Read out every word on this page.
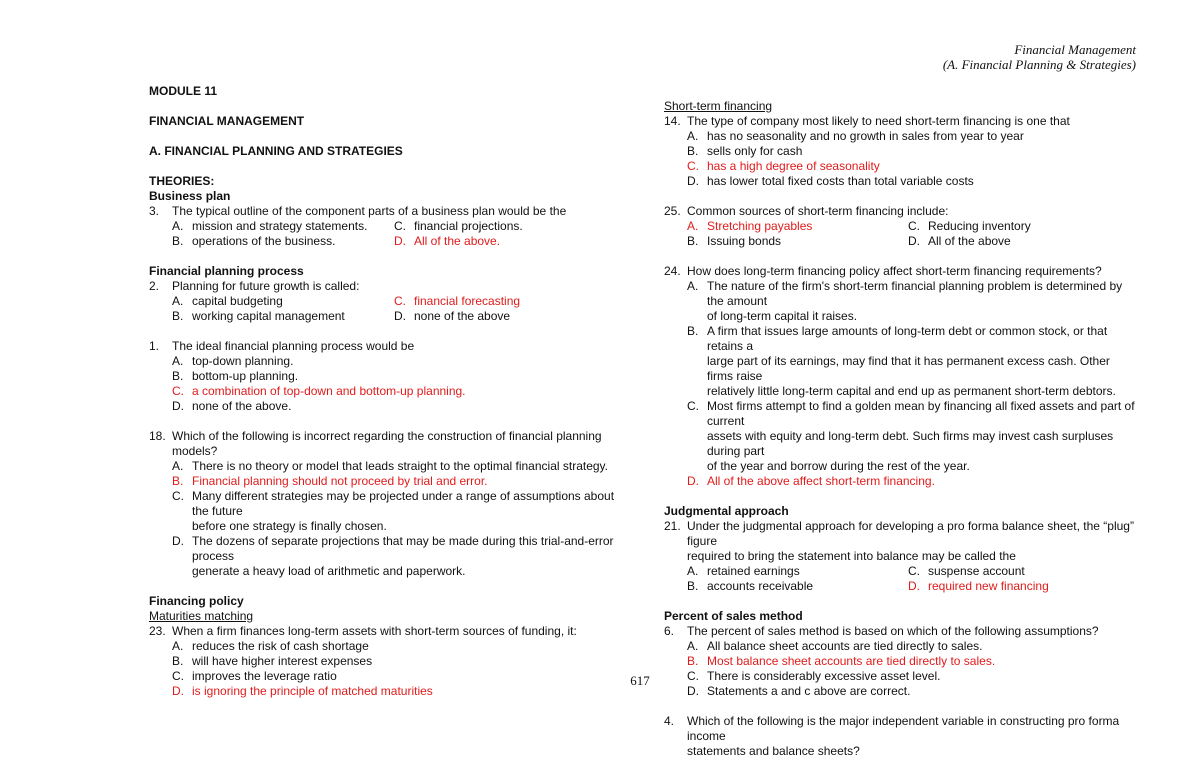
Financial Management
(A. Financial Planning & Strategies)
MODULE 11
FINANCIAL MANAGEMENT
A. FINANCIAL PLANNING AND STRATEGIES
THEORIES:
Business plan
3.	The typical outline of the component parts of a business plan would be the
A. mission and strategy statements. C. financial projections.
B. operations of the business.	D. All of the above.
Financial planning process
2.	Planning for future growth is called:
A. capital budgeting	C. financial forecasting
B. working capital management	D. none of the above
1.	The ideal financial planning process would be
A. top-down planning.
B. bottom-up planning.
C. a combination of top-down and bottom-up planning.
D. none of the above.
18. Which of the following is incorrect regarding the construction of financial planning models?
A. There is no theory or model that leads straight to the optimal financial strategy.
B. Financial planning should not proceed by trial and error.
C. Many different strategies may be projected under a range of assumptions about the future
before one strategy is finally chosen.
D. The dozens of separate projections that may be made during this trial-and-error process
generate a heavy load of arithmetic and paperwork.
Financing policy
Maturities matching
23. When a firm finances long-term assets with short-term sources of funding, it:
A. reduces the risk of cash shortage
B. will have higher interest expenses
C. improves the leverage ratio
D. is ignoring the principle of matched maturities
Short-term financing
14. The type of company most likely to need short-term financing is one that
A. has no seasonality and no growth in sales from year to year
B. sells only for cash
C. has a high degree of seasonality
D. has lower total fixed costs than total variable costs
25. Common sources of short-term financing include:
A. Stretching payables	C. Reducing inventory
B. Issuing bonds	D. All of the above
24. How does long-term financing policy affect short-term financing requirements?
A. The nature of the firm's short-term financial planning problem is determined by the amount
of long-term capital it raises.
B. A firm that issues large amounts of long-term debt or common stock, or that retains a
large part of its earnings, may find that it has permanent excess cash. Other firms raise
relatively little long-term capital and end up as permanent short-term debtors.
C. Most firms attempt to find a golden mean by financing all fixed assets and part of current
assets with equity and long-term debt. Such firms may invest cash surpluses during part
of the year and borrow during the rest of the year.
D. All of the above affect short-term financing.
Judgmental approach
21. Under the judgmental approach for developing a pro forma balance sheet, the “plug” figure
required to bring the statement into balance may be called the
A. retained earnings	C. suspense account
B. accounts receivable	D. required new financing
Percent of sales method
6.	The percent of sales method is based on which of the following assumptions?
A. All balance sheet accounts are tied directly to sales.
B. Most balance sheet accounts are tied directly to sales.
C. There is considerably excessive asset level.
D. Statements a and c above are correct.
4.	Which of the following is the major independent variable in constructing pro forma income
statements and balance sheets?
617
